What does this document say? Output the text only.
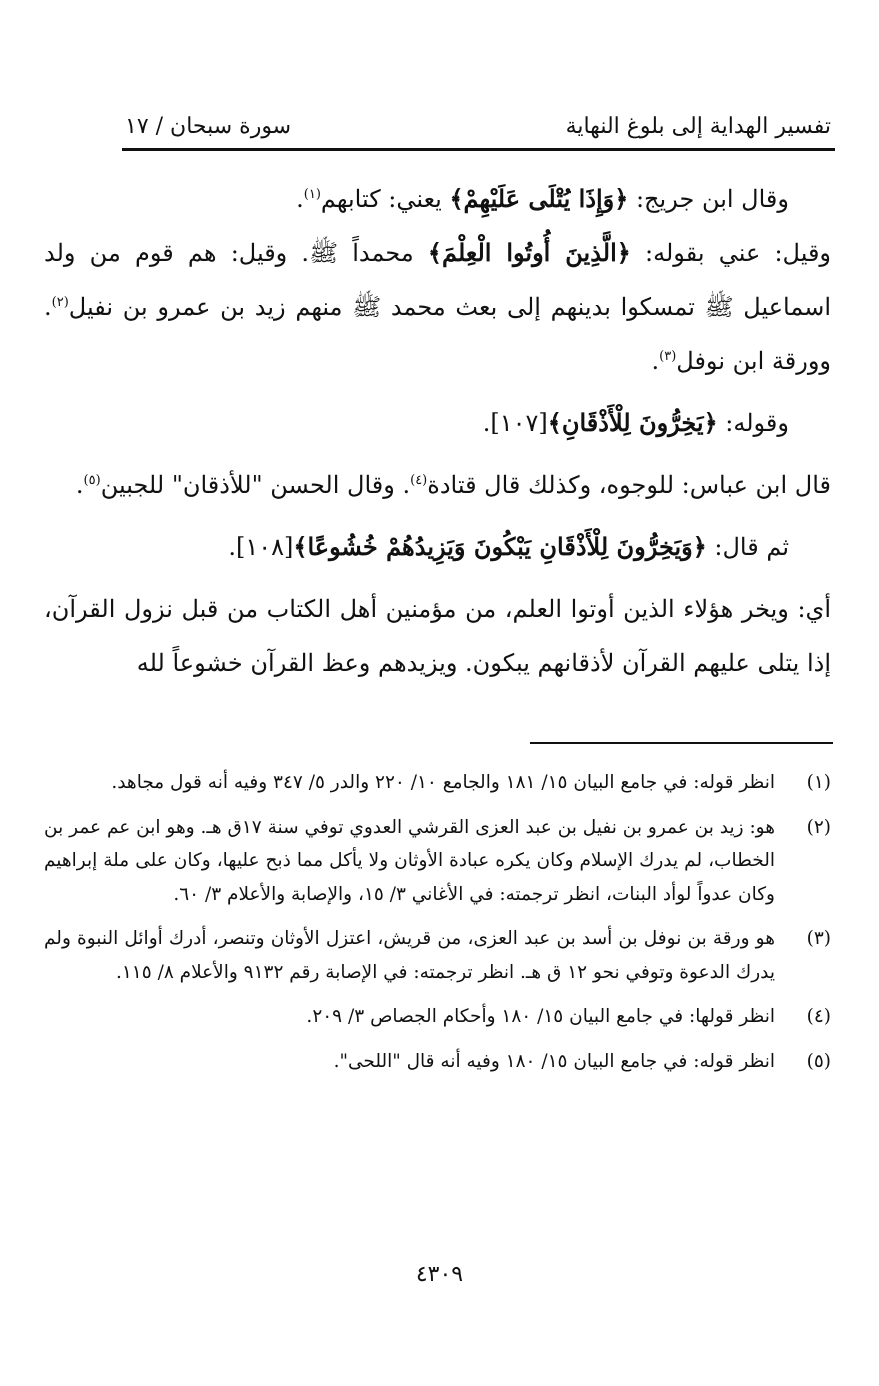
تفسير الهداية إلى بلوغ النهاية
سورة سبحان / ١٧

وقال ابن جريج: ﴿وَإِذَا يُتْلَى عَلَيْهِمْ﴾ يعني: كتابهم$^{(١)}$.

وقيل: عني بقوله: ﴿الَّذِينَ أُوتُوا الْعِلْمَ﴾ محمداً ﷺ. وقيل: هم قوم من ولد اسماعيل ﷺ تمسكوا بدينهم إلى بعث محمد ﷺ منهم زيد بن عمرو بن نفيل$^{(٢)}$. وورقة ابن نوفل$^{(٣)}$.

وقوله: ﴿يَخِرُّونَ لِلْأَذْقَانِ﴾[١٠٧].

قال ابن عباس: للوجوه، وكذلك قال قتادة$^{(٤)}$. وقال الحسن "للأذقان" للجبين$^{(٥)}$.

ثم قال: ﴿وَيَخِرُّونَ لِلْأَذْقَانِ يَبْكُونَ وَيَزِيدُهُمْ خُشُوعًا﴾[١٠٨].

أي: ويخر هؤلاء الذين أوتوا العلم، من مؤمنين أهل الكتاب من قبل نزول القرآن، إذا يتلى عليهم القرآن لأذقانهم يبكون. ويزيدهم وعظ القرآن خشوعاً لله

(١)
انظر قوله: في جامع البيان ١٥/ ١٨١ والجامع ١٠/ ٢٢٠ والدر ٥/ ٣٤٧ وفيه أنه قول مجاهد.
(٢)
هو: زيد بن عمرو بن نفيل بن عبد العزى القرشي العدوي توفي سنة ١٧ق هـ. وهو ابن عم عمر بن الخطاب، لم يدرك الإسلام وكان يكره عبادة الأوثان ولا يأكل مما ذبح عليها، وكان على ملة إبراهيم وكان عدواً لوأد البنات، انظر ترجمته: في الأغاني ٣/ ١٥، والإصابة والأعلام ٣/ ٦٠.
(٣)
هو ورقة بن نوفل بن أسد بن عبد العزى، من قريش، اعتزل الأوثان وتنصر، أدرك أوائل النبوة ولم يدرك الدعوة وتوفي نحو ١٢ ق هـ. انظر ترجمته: في الإصابة رقم ٩١٣٢ والأعلام ٨/ ١١٥.
(٤)
انظر قولها: في جامع البيان ١٥/ ١٨٠ وأحكام الجصاص ٣/ ٢٠٩.
(٥)
انظر قوله: في جامع البيان ١٥/ ١٨٠ وفيه أنه قال "اللحى".
٤٣٠٩
